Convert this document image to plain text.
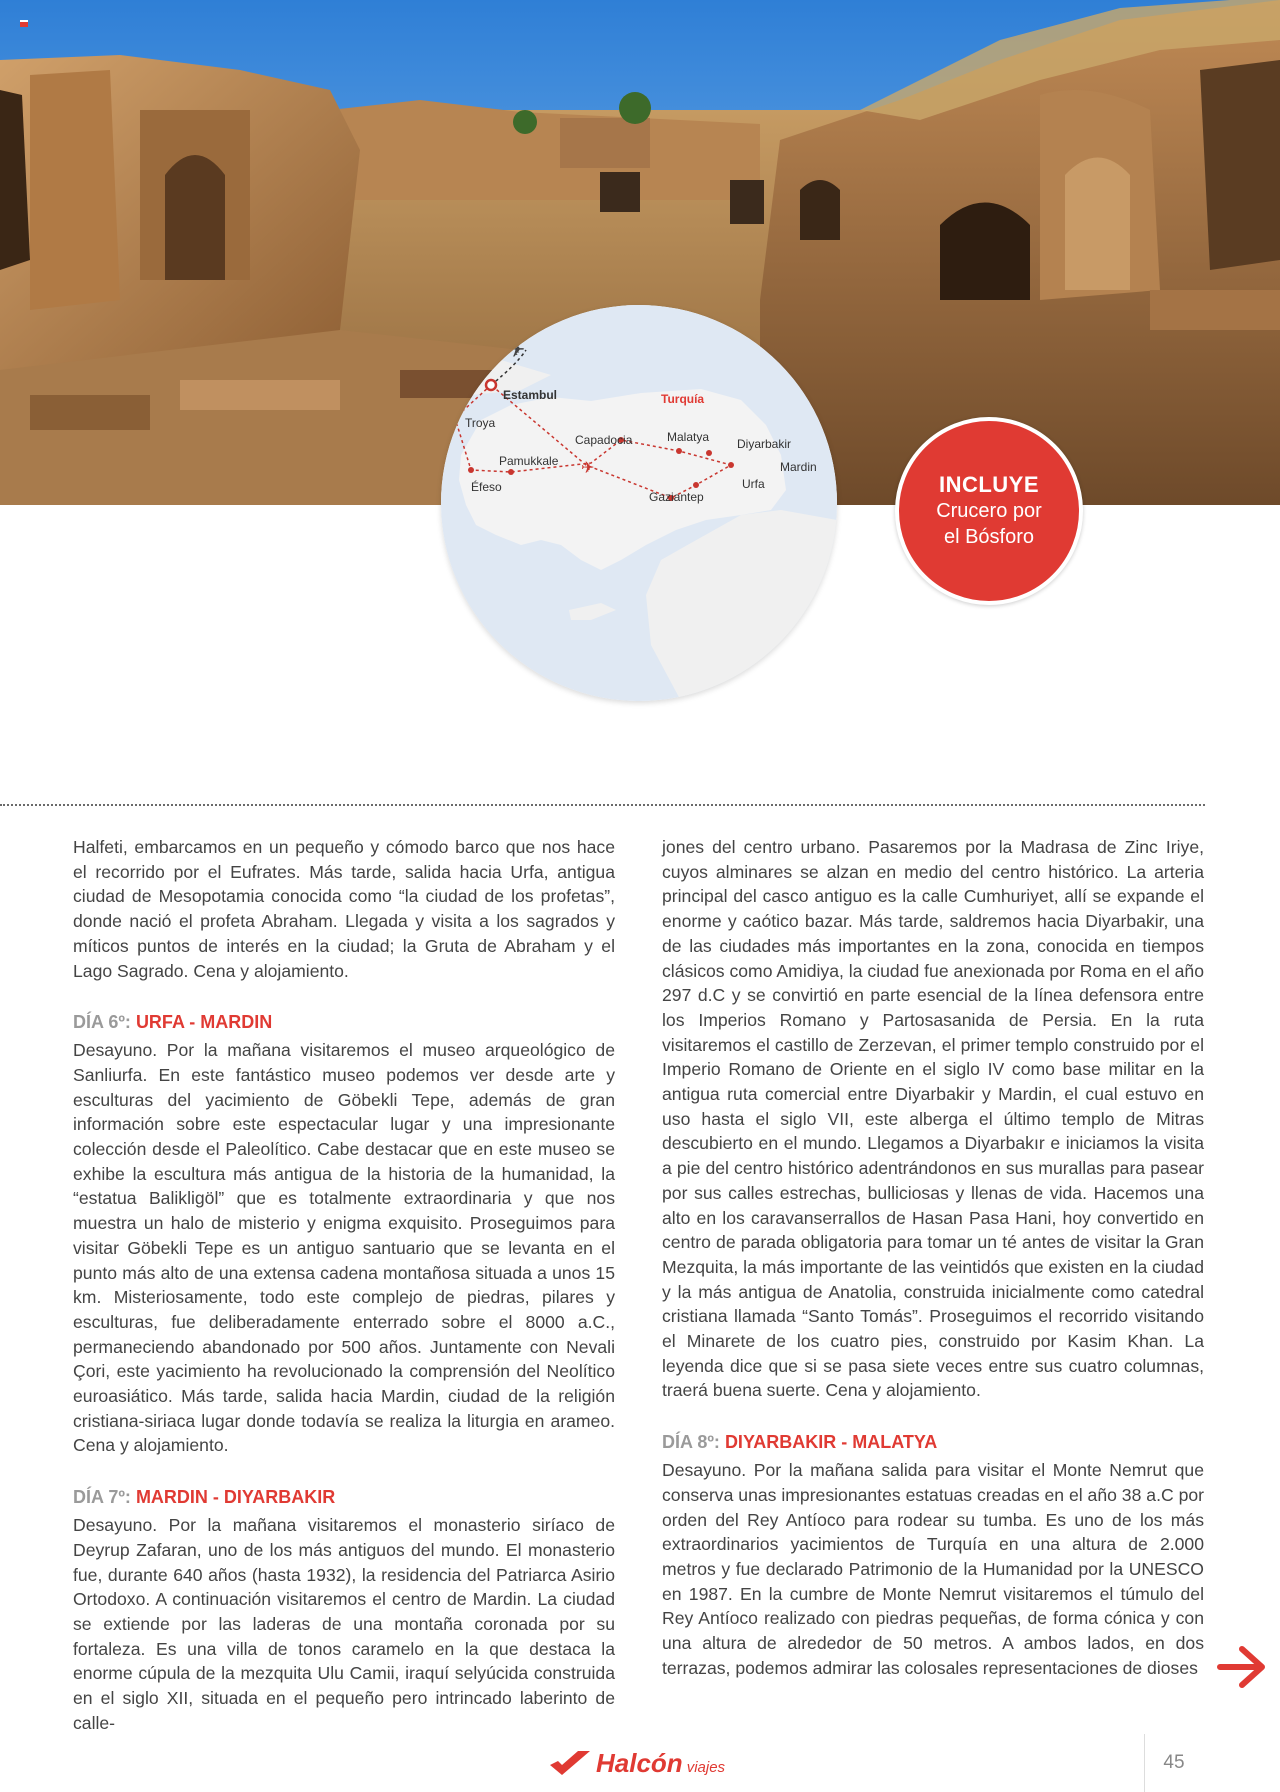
✈
✈
Turquía
Estambul
Troya
Pamukkale
Éfeso
Capadocia	Malatya Diyarbakir
Mardin
Urfa
Gaziantep	INCLUYE
Crucero por
el Bósforo

Halfeti, embarcamos en un pequeño y cómodo barco que nos hace el recorrido por el Eufrates. Más tarde, salida hacia Urfa, antigua ciudad de Mesopotamia conocida como “la ciudad de los profetas”, donde nació el profeta Abraham. Llegada y visita a los sagrados y míticos puntos de interés en la ciudad; la Gruta de Abraham y el Lago Sagrado. Cena y alojamiento.

DÍA 6º: URFA - MARDIN

Desayuno. Por la mañana visitaremos el museo arqueológico de Sanliurfa. En este fantástico museo podemos ver desde arte y esculturas del yacimiento de Göbekli Tepe, además de gran información sobre este espectacular lugar y una impresionante colección desde el Paleolítico. Cabe destacar que en este museo se exhibe la escultura más antigua de la historia de la humanidad, la “estatua Balikligöl” que es totalmente extraordinaria y que nos muestra un halo de misterio y enigma exquisito. Proseguimos para visitar Göbekli Tepe es un antiguo santuario que se levanta en el punto más alto de una extensa cadena montañosa situada a unos 15 km. Misteriosamente, todo este complejo de piedras, pilares y esculturas, fue deliberadamente enterrado sobre el 8000 a.C., permaneciendo abandonado por 500 años. Juntamente con Nevali Çori, este yacimiento ha revolucionado la comprensión del Neolítico euroasiático. Más tarde, salida hacia Mardin, ciudad de la religión cristiana-siriaca lugar donde todavía se realiza la liturgia en arameo. Cena y alojamiento.

DÍA 7º: MARDIN - DIYARBAKIR

Desayuno. Por la mañana visitaremos el monasterio siríaco de Deyrup Zafaran, uno de los más antiguos del mundo. El monasterio fue, durante 640 años (hasta 1932), la residencia del Patriarca Asirio Ortodoxo. A continuación visitaremos el centro de Mardin. La ciudad se extiende por las laderas de una montaña coronada por su fortaleza. Es una villa de tonos caramelo en la que destaca la enorme cúpula de la mezquita Ulu Camii, iraquí selyúcida construida en el siglo XII, situada en el pequeño pero intrincado laberinto de calle-

jones del centro urbano. Pasaremos por la Madrasa de Zinc Iriye, cuyos alminares se alzan en medio del centro histórico. La arteria principal del casco antiguo es la calle Cumhuriyet, allí se expande el enorme y caótico bazar. Más tarde, saldremos hacia Diyarbakir, una de las ciudades más importantes en la zona, conocida en tiempos clásicos como Amidiya, la ciudad fue anexionada por Roma en el año 297 d.C y se convirtió en parte esencial de la línea defensora entre los Imperios Romano y Partosasanida de Persia. En la ruta visitaremos el castillo de Zerzevan, el primer templo construido por el Imperio Romano de Oriente en el siglo IV como base militar en la antigua ruta comercial entre Diyarbakir y Mardin, el cual estuvo en uso hasta el siglo VII, este alberga el último templo de Mitras descubierto en el mundo. Llegamos a Diyarbakır e iniciamos la visita a pie del centro histórico adentrándonos en sus murallas para pasear por sus calles estrechas, bulliciosas y llenas de vida. Hacemos una alto en los caravanserrallos de Hasan Pasa Hani, hoy convertido en centro de parada obligatoria para tomar un té antes de visitar la Gran Mezquita, la más importante de las veintidós que existen en la ciudad y la más antigua de Anatolia, construida inicialmente como catedral cristiana llamada “Santo Tomás”. Proseguimos el recorrido visitando el Minarete de los cuatro pies, construido por Kasim Khan. La leyenda dice que si se pasa siete veces entre sus cuatro columnas, traerá buena suerte. Cena y alojamiento.

DÍA 8º: DIYARBAKIR - MALATYA

Desayuno. Por la mañana salida para visitar el Monte Nemrut que conserva unas impresionantes estatuas creadas en el año 38 a.C por orden del Rey Antíoco para rodear su tumba. Es uno de los más extraordinarios yacimientos de Turquía en una altura de 2.000 metros y fue declarado Patrimonio de la Humanidad por la UNESCO en 1987. En la cumbre de Monte Nemrut visitaremos el túmulo del Rey Antíoco realizado con piedras pequeñas, de forma cónica y con una altura de alrededor de 50 metros. A ambos lados, en dos terrazas, podemos admirar las colosales representaciones de dioses

Halcón viajes	45
